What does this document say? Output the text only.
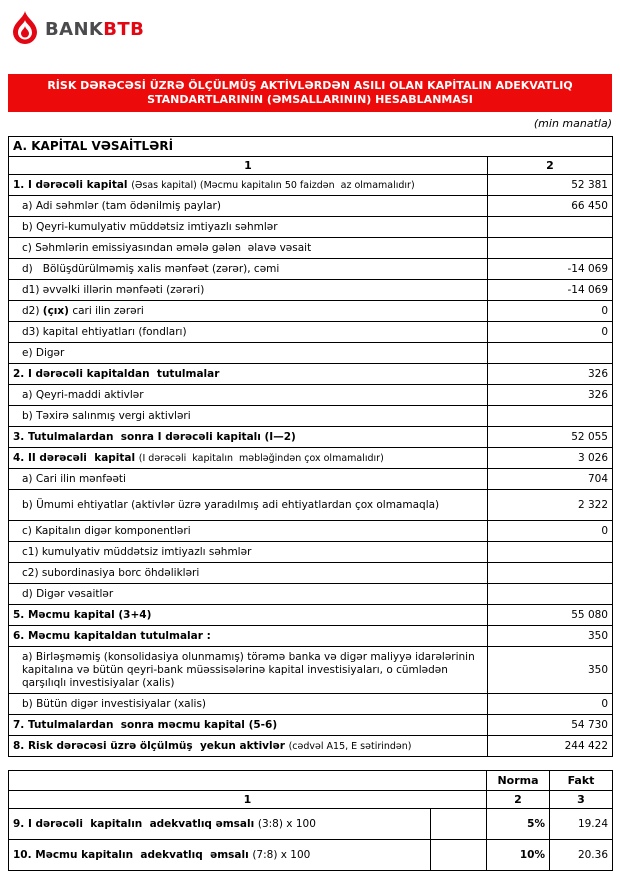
BANKBTB
RİSK DƏRƏCƏSİ ÜZRƏ ÖLÇÜLMÜŞ AKTİVLƏRDƏN ASILI OLAN KAPİTALIN ADEKVATLIQ
STANDARTLARININ (ƏMSALLARININ) HESABLANMASI
(min manatla)
A. KAPİTAL VƏSAİTLƏRİ	
1	2
1. I dərəcəli kapital (Əsas kapital) (Məcmu kapitalın 50 faizdən  az olmamalıdır)	52 381
a) Adi səhmlər (tam ödənilmiş paylar)	66 450
b) Qeyri-kumulyativ müddətsiz imtiyazlı səhmlər	
c) Səhmlərin emissiyasından əmələ gələn  əlavə vəsait	
d)   Bölüşdürülməmiş xalis mənfəət (zərər), cəmi	-14 069
d1) əvvəlki illərin mənfəəti (zərəri)	-14 069
d2) (çıx) cari ilin zərəri	0
d3) kapital ehtiyatları (fondları)	0
e) Digər	
2. I dərəcəli kapitaldan  tutulmalar	326
a) Qeyri-maddi aktivlər	326
b) Təxirə salınmış vergi aktivləri	
3. Tutulmalardan  sonra I dərəcəli kapitalı (I—2)	52 055
4. II dərəcəli  kapital (I dərəcəli  kapitalın  məbləğindən çox olmamalıdır)	3 026
a) Cari ilin mənfəəti	704
b) Ümumi ehtiyatlar (aktivlər üzrə yaradılmış adi ehtiyatlardan çox olmamaqla)	2 322
c) Kapitalın digər komponentləri	0
c1) kumulyativ müddətsiz imtiyazlı səhmlər	
c2) subordinasiya borc öhdəlikləri	
d) Digər vəsaitlər	
5. Məcmu kapital (3+4)	55 080
6. Məcmu kapitaldan tutulmalar :	350
a) Birləşməmiş (konsolidasiya olunmamış) törəmə banka və digər maliyyə idarələrinin kapitalına və bütün qeyri-bank müəssisələrinə kapital investisiyaları, o cümlədən qarşılıqlı investisiyalar (xalis)	350
b) Bütün digər investisiyalar (xalis)	0
7. Tutulmalardan  sonra məcmu kapital (5-6)	54 730
8. Risk dərəcəsi üzrə ölçülmüş  yekun aktivlər (cədvəl A15, E sətirindən)	244 422
		Norma	Fakt
1		2	3
9. I dərəcəli  kapitalın  adekvatlıq əmsalı (3:8) x 100		5%	19.24
10. Məcmu kapitalın  adekvatlıq  əmsalı (7:8) x 100		10%	20.36
